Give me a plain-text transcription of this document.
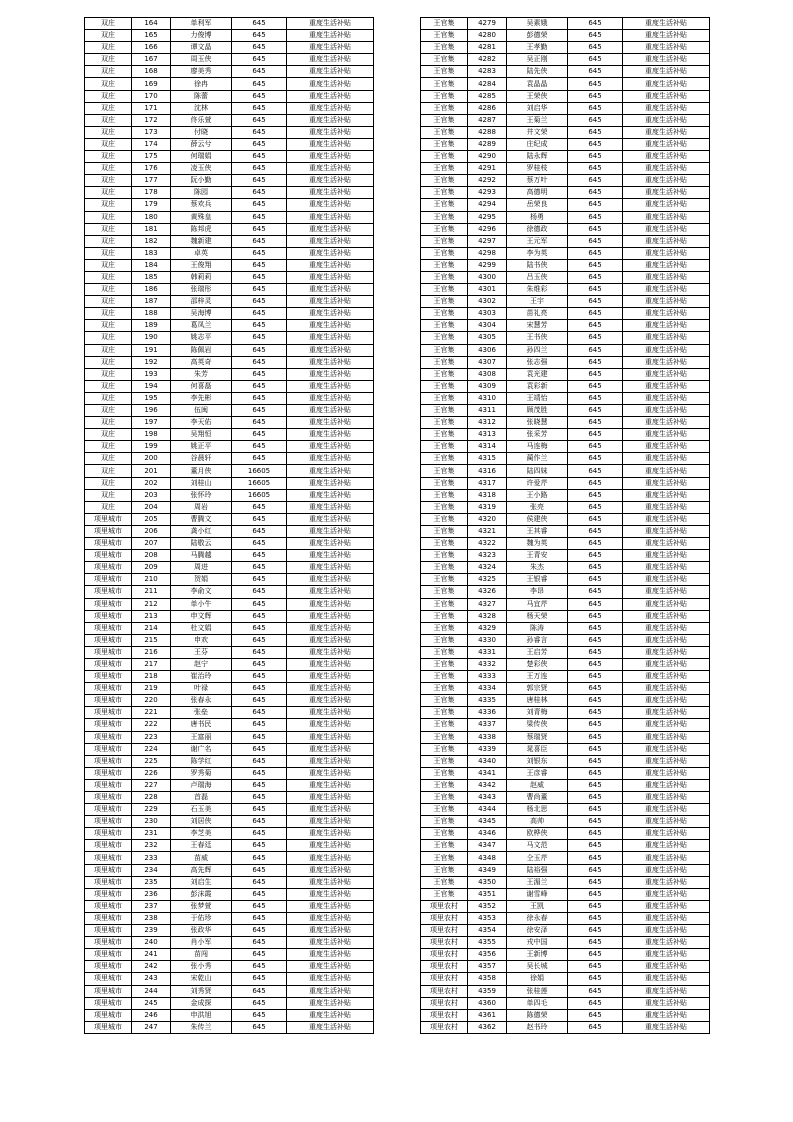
双庄	164	单利军	645	重度生活补贴
双庄	165	力俊博	645	重度生活补贴
双庄	166	谭文晶	645	重度生活补贴
双庄	167	周玉侠	645	重度生活补贴
双庄	168	廖美秀	645	重度生活补贴
双庄	169	徐冉	645	重度生活补贴
双庄	170	陈蕾	645	重度生活补贴
双庄	171	沈林	645	重度生活补贴
双庄	172	佟乐萱	645	重度生活补贴
双庄	173	付晓	645	重度生活补贴
双庄	174	薛云兮	645	重度生活补贴
双庄	175	何瑞娟	645	重度生活补贴
双庄	176	凌玉侠	645	重度生活补贴
双庄	177	阮小勤	645	重度生活补贴
双庄	178	陈园	645	重度生活补贴
双庄	179	蔡欢兵	645	重度生活补贴
双庄	180	黄殊皇	645	重度生活补贴
双庄	181	陈邦虎	645	重度生活补贴
双庄	182	魏新建	645	重度生活补贴
双庄	183	卓英	645	重度生活补贴
双庄	184	王俊翔	645	重度生活补贴
双庄	185	韩莉莉	645	重度生活补贴
双庄	186	张瑞彤	645	重度生活补贴
双庄	187	邵梓灵	645	重度生活补贴
双庄	188	吴海博	645	重度生活补贴
双庄	189	葛凤兰	645	重度生活补贴
双庄	190	姚志平	645	重度生活补贴
双庄	191	陈佩岩	645	重度生活补贴
双庄	192	高英奇	645	重度生活补贴
双庄	193	朱芳	645	重度生活补贴
双庄	194	何喜磊	645	重度生活补贴
双庄	195	李先彬	645	重度生活补贴
双庄	196	伍闽	645	重度生活补贴
双庄	197	李天佑	645	重度生活补贴
双庄	198	吴翔恒	645	重度生活补贴
双庄	199	姚正平	645	重度生活补贴
双庄	200	谷晨轩	645	重度生活补贴
双庄	201	董月侠	16605	重度生活补贴
双庄	202	刘桂山	16605	重度生活补贴
双庄	203	张怀玲	16605	重度生活补贴
双庄	204	周岩	645	重度生活补贴
项里城市	205	曹腾文	645	重度生活补贴
项里城市	206	龚小红	645	重度生活补贴
项里城市	207	陆敬云	645	重度生活补贴
项里城市	208	马腾越	645	重度生活补贴
项里城市	209	周进	645	重度生活补贴
项里城市	210	贺娟	645	重度生活补贴
项里城市	211	李俞文	645	重度生活补贴
项里城市	212	单小牛	645	重度生活补贴
项里城市	213	申文辉	645	重度生活补贴
项里城市	214	杜文娟	645	重度生活补贴
项里城市	215	申欢	645	重度生活补贴
项里城市	216	王芬	645	重度生活补贴
项里城市	217	赵宁	645	重度生活补贴
项里城市	218	崔治玲	645	重度生活补贴
项里城市	219	叶禄	645	重度生活补贴
项里城市	220	张春永	645	重度生活补贴
项里城市	221	张垒	645	重度生活补贴
项里城市	222	唐书民	645	重度生活补贴
项里城市	223	王富丽	645	重度生活补贴
项里城市	224	谢广名	645	重度生活补贴
项里城市	225	陈学红	645	重度生活补贴
项里城市	226	罗秀菊	645	重度生活补贴
项里城市	227	卢瑞海	645	重度生活补贴
项里城市	228	首磊	645	重度生活补贴
项里城市	229	石玉美	645	重度生活补贴
项里城市	230	刘居侠	645	重度生活补贴
项里城市	231	李芝美	645	重度生活补贴
项里城市	232	王春廷	645	重度生活补贴
项里城市	233	苗威	645	重度生活补贴
项里城市	234	高先辉	645	重度生活补贴
项里城市	235	刘启生	645	重度生活补贴
项里城市	236	彭沫霞	645	重度生活补贴
项里城市	237	张梦萱	645	重度生活补贴
项里城市	238	于佑珍	645	重度生活补贴
项里城市	239	张政华	645	重度生活补贴
项里城市	240	肖小军	645	重度生活补贴
项里城市	241	苗闯	645	重度生活补贴
项里城市	242	张小秀	645	重度生活补贴
项里城市	243	宋乾山	645	重度生活补贴
项里城市	244	刘秀贤	645	重度生活补贴
项里城市	245	金成探	645	重度生活补贴
项里城市	246	申洪旭	645	重度生活补贴
项里城市	247	朱传兰	645	重度生活补贴
王官集	4279	吴素娥	645	重度生活补贴
王官集	4280	彭德荣	645	重度生活补贴
王官集	4281	王孝勤	645	重度生活补贴
王官集	4282	吴正刚	645	重度生活补贴
王官集	4283	陆先侠	645	重度生活补贴
王官集	4284	袁晶晶	645	重度生活补贴
王官集	4285	王荣侠	645	重度生活补贴
王官集	4286	刘启华	645	重度生活补贴
王官集	4287	王菊兰	645	重度生活补贴
王官集	4288	井文荣	645	重度生活补贴
王官集	4289	庄纪成	645	重度生活补贴
王官集	4290	陆永辉	645	重度生活补贴
王官集	4291	罗桂枝	645	重度生活补贴
王官集	4292	蔡万叶	645	重度生活补贴
王官集	4293	高德明	645	重度生活补贴
王官集	4294	岳荣良	645	重度生活补贴
王官集	4295	杨勇	645	重度生活补贴
王官集	4296	徐德政	645	重度生活补贴
王官集	4297	王元军	645	重度生活补贴
王官集	4298	李为英	645	重度生活补贴
王官集	4299	陆书侠	645	重度生活补贴
王官集	4300	吕玉侠	645	重度生活补贴
王官集	4301	朱维彩	645	重度生活补贴
王官集	4302	王宇	645	重度生活补贴
王官集	4303	苗礼亮	645	重度生活补贴
王官集	4304	宋慧芳	645	重度生活补贴
王官集	4305	王书侠	645	重度生活补贴
王官集	4306	孙四兰	645	重度生活补贴
王官集	4307	张志强	645	重度生活补贴
王官集	4308	袁光建	645	重度生活补贴
王官集	4309	袁彩新	645	重度生活补贴
王官集	4310	王靖怡	645	重度生活补贴
王官集	4311	顾茂胜	645	重度生活补贴
王官集	4312	张晓慧	645	重度生活补贴
王官集	4313	张采芳	645	重度生活补贴
王官集	4314	马连梅	645	重度生活补贴
王官集	4315	蔺作兰	645	重度生活补贴
王官集	4316	陆四妹	645	重度生活补贴
王官集	4317	许爱芹	645	重度生活补贴
王官集	4318	王小路	645	重度生活补贴
王官集	4319	张亮	645	重度生活补贴
王官集	4320	侯建侠	645	重度生活补贴
王官集	4321	王其睿	645	重度生活补贴
王官集	4322	魏为英	645	重度生活补贴
王官集	4323	王青安	645	重度生活补贴
王官集	4324	朱杰	645	重度生活补贴
王官集	4325	王银睿	645	重度生活补贴
王官集	4326	李昂	645	重度生活补贴
王官集	4327	马宜芹	645	重度生活补贴
王官集	4328	杨天荣	645	重度生活补贴
王官集	4329	陈涛	645	重度生活补贴
王官集	4330	孙睿言	645	重度生活补贴
王官集	4331	王启芳	645	重度生活补贴
王官集	4332	楚彩侠	645	重度生活补贴
王官集	4333	王万连	645	重度生活补贴
王官集	4334	郭宗贤	645	重度生活补贴
王官集	4335	唐桂林	645	重度生活补贴
王官集	4336	刘青梅	645	重度生活补贴
王官集	4337	梁传侠	645	重度生活补贴
王官集	4338	蔡瑞贤	645	重度生活补贴
王官集	4339	晁喜臣	645	重度生活补贴
王官集	4340	刘银东	645	重度生活补贴
王官集	4341	王彦睿	645	重度生活补贴
王官集	4342	赵威	645	重度生活补贴
王官集	4343	曹尚董	645	重度生活补贴
王官集	4344	杨北思	645	重度生活补贴
王官集	4345	高帅	645	重度生活补贴
王官集	4346	欧桦侠	645	重度生活补贴
王官集	4347	马文范	645	重度生活补贴
王官集	4348	仝玉芹	645	重度生活补贴
王官集	4349	陆裕强	645	重度生活补贴
王官集	4350	王湄兰	645	重度生活补贴
王官集	4351	谢雪峰	645	重度生活补贴
项里农村	4352	王凯	645	重度生活补贴
项里农村	4353	徐永春	645	重度生活补贴
项里农村	4354	徐安泽	645	重度生活补贴
项里农村	4355	戎中国	645	重度生活补贴
项里农村	4356	王新博	645	重度生活补贴
项里农村	4357	吴长城	645	重度生活补贴
项里农村	4358	徐娟	645	重度生活补贴
项里农村	4359	张桂莲	645	重度生活补贴
项里农村	4360	单四毛	645	重度生活补贴
项里农村	4361	陈德荣	645	重度生活补贴
项里农村	4362	赵书玲	645	重度生活补贴
